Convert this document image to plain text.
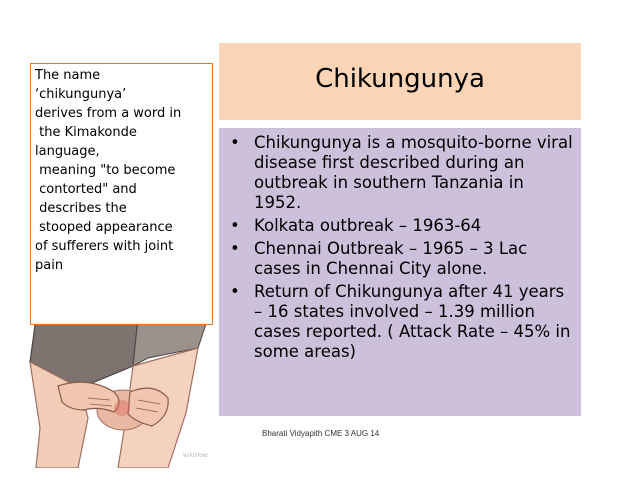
wikiHow
The name
‘chikungunya’
derives from a word in
the Kimakonde
language,
meaning "to become
contorted" and
describes the
stooped appearance
of sufferers with joint
pain
Chikungunya
• Chikungunya is a mosquito-borne viral disease first described during an outbreak in southern Tanzania in 1952.
• Kolkata outbreak – 1963-64
• Chennai Outbreak – 1965 – 3 Lac cases in Chennai City alone.
• Return of Chikungunya after 41 years – 16 states involved – 1.39 million cases reported. ( Attack Rate – 45% in some areas)
Bharati Vidyapith CME 3 AUG 14
